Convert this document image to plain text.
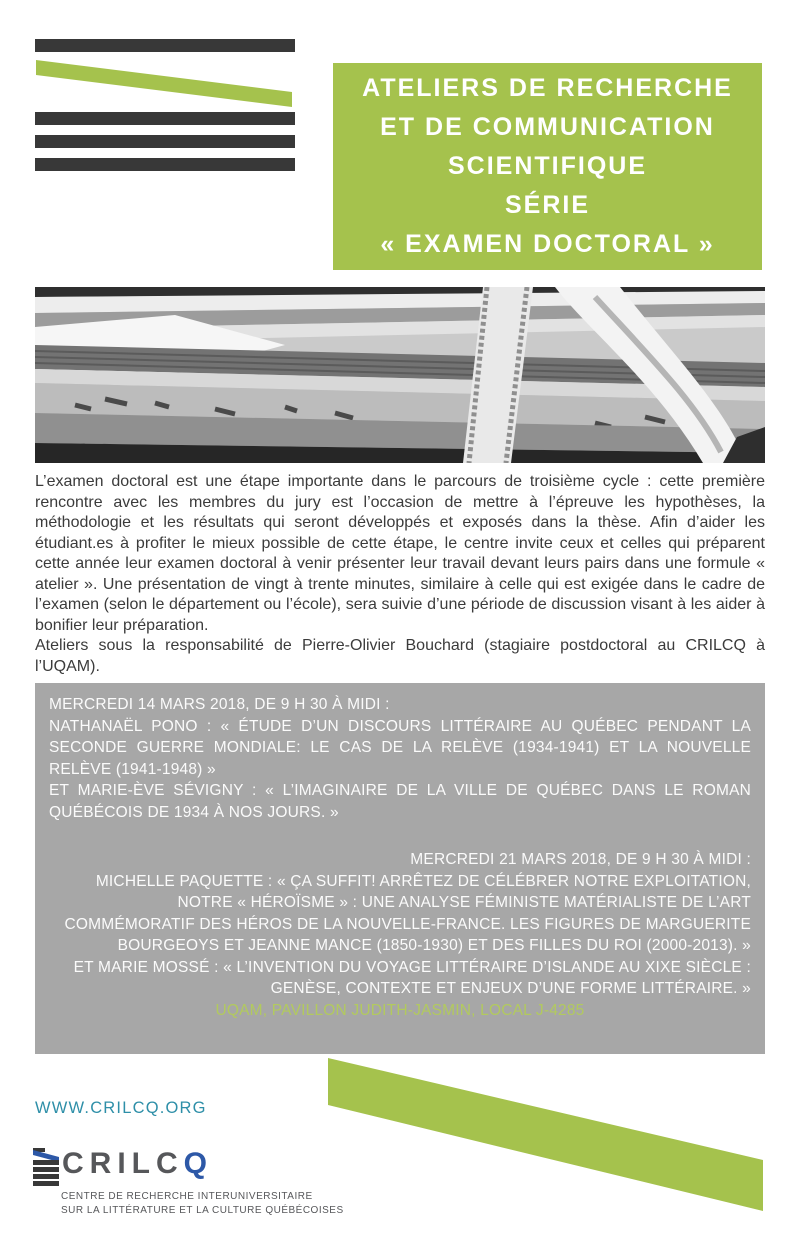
ATELIERS DE RECHERCHE
ET DE COMMUNICATION
SCIENTIFIQUE
SÉRIE
« EXAMEN DOCTORAL »

L’examen doctoral est une étape importante dans le parcours de troisième cycle : cette première rencontre avec les membres du jury est l’occasion de mettre à l’épreuve les hypothèses, la méthodologie et les résultats qui seront développés et exposés dans la thèse. Afin d’aider les étudiant.es à profiter le mieux possible de cette étape, le centre invite ceux et celles qui préparent cette année leur examen doctoral à venir présenter leur travail devant leurs pairs dans une formule « atelier ». Une présentation de vingt à trente minutes, similaire à celle qui est exigée dans le cadre de l’examen (selon le département ou l’école), sera suivie d’une période de discussion visant à les aider à bonifier leur préparation.

Ateliers sous la responsabilité de Pierre-Olivier Bouchard (stagiaire postdoctoral au CRILCQ à l’UQAM).

MERCREDI 14 MARS 2018, DE 9 H 30 À MIDI :

NATHANAËL PONO : « ÉTUDE D’UN DISCOURS LITTÉRAIRE AU QUÉBEC PENDANT LA SECONDE GUERRE MONDIALE: LE CAS DE LA RELÈVE (1934-1941) ET LA NOUVELLE RELÈVE (1941-1948) »

ET MARIE-ÈVE SÉVIGNY : « L’IMAGINAIRE DE LA VILLE DE QUÉBEC DANS LE ROMAN QUÉBÉCOIS DE 1934 À NOS JOURS. »

MERCREDI 21 MARS 2018, DE 9 H 30 À MIDI :

MICHELLE PAQUETTE : « ÇA SUFFIT! ARRÊTEZ DE CÉLÉBRER NOTRE EXPLOITATION, NOTRE « HÉROÏSME » : UNE ANALYSE FÉMINISTE MATÉRIALISTE DE L’ART COMMÉMORATIF DES HÉROS DE LA NOUVELLE-FRANCE. LES FIGURES DE MARGUERITE BOURGEOYS ET JEANNE MANCE (1850-1930) ET DES FILLES DU ROI (2000-2013). »

ET MARIE MOSSÉ : « L’INVENTION DU VOYAGE LITTÉRAIRE D’ISLANDE AU XIXE SIÈCLE : GENÈSE, CONTEXTE ET ENJEUX D’UNE FORME LITTÉRAIRE. »

UQAM, PAVILLON JUDITH-JASMIN, LOCAL J-4285

WWW.CRILCQ.ORG
CRILCQ
CENTRE DE RECHERCHE INTERUNIVERSITAIRE
SUR LA LITTÉRATURE ET LA CULTURE QUÉBÉCOISES
